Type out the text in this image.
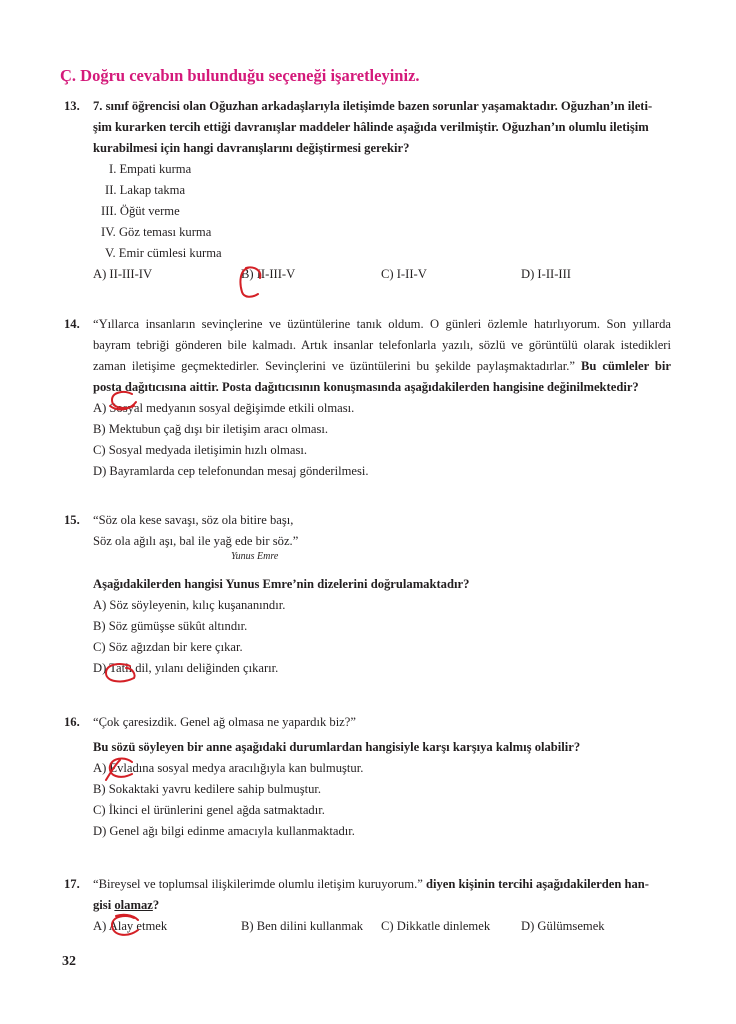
Ç. Doğru cevabın bulunduğu seçeneği işaretleyiniz.
13. 7. sınıf öğrencisi olan Oğuzhan arkadaşlarıyla iletişimde bazen sorunlar yaşamaktadır. Oğuzhan’ın ileti-
şim kurarken tercih ettiği davranışlar maddeler hâlinde aşağıda verilmiştir. Oğuzhan’ın olumlu iletişim
kurabilmesi için hangi davranışlarını değiştirmesi gerekir?
I. Empati kurma
II. Lakap takma
III. Öğüt verme
IV. Göz teması kurma
V. Emir cümlesi kurma
A) II-III-IV	B) II-III-V	C) I-II-V	D) I-II-III
14. “Yıllarca insanların sevinçlerine ve üzüntülerine tanık oldum. O günleri özlemle hatırlıyorum. Son yıllarda bayram tebriği gönderen bile kalmadı. Artık insanlar telefonlarla yazılı, sözlü ve görüntülü olarak istedikleri zaman iletişime geçmektedirler. Sevinçlerini ve üzüntülerini bu şekilde paylaşmaktadırlar.” Bu cümleler bir posta dağıtıcısına aittir. Posta dağıtıcısının konuşmasında aşağıdakilerden hangisine değinilmektedir?
A) Sosyal medyanın sosyal değişimde etkili olması.
B) Mektubun çağ dışı bir iletişim aracı olması.
C) Sosyal medyada iletişimin hızlı olması.
D) Bayramlarda cep telefonundan mesaj gönderilmesi.
15. “Söz ola kese savaşı, söz ola bitire başı,
Söz ola ağılı aşı, bal ile yağ ede bir söz.”
Yunus Emre
Aşağıdakilerden hangisi Yunus Emre’nin dizelerini doğrulamaktadır?
A) Söz söyleyenin, kılıç kuşananındır.
B) Söz gümüşse sükût altındır.
C) Söz ağızdan bir kere çıkar.
D) Tatlı dil, yılanı deliğinden çıkarır.
16. “Çok çaresizdik. Genel ağ olmasa ne yapardık biz?”
Bu sözü söyleyen bir anne aşağıdaki durumlardan hangisiyle karşı karşıya kalmış olabilir?
A) Evladına sosyal medya aracılığıyla kan bulmuştur.
B) Sokaktaki yavru kedilere sahip bulmuştur.
C) İkinci el ürünlerini genel ağda satmaktadır.
D) Genel ağı bilgi edinme amacıyla kullanmaktadır.
17. “Bireysel ve toplumsal ilişkilerimde olumlu iletişim kuruyorum.” diyen kişinin tercihi aşağıdakilerden han-
gisi olamaz?
A) Alay etmek	B) Ben dilini kullanmak C) Dikkatle dinlemek D) Gülümsemek
32
